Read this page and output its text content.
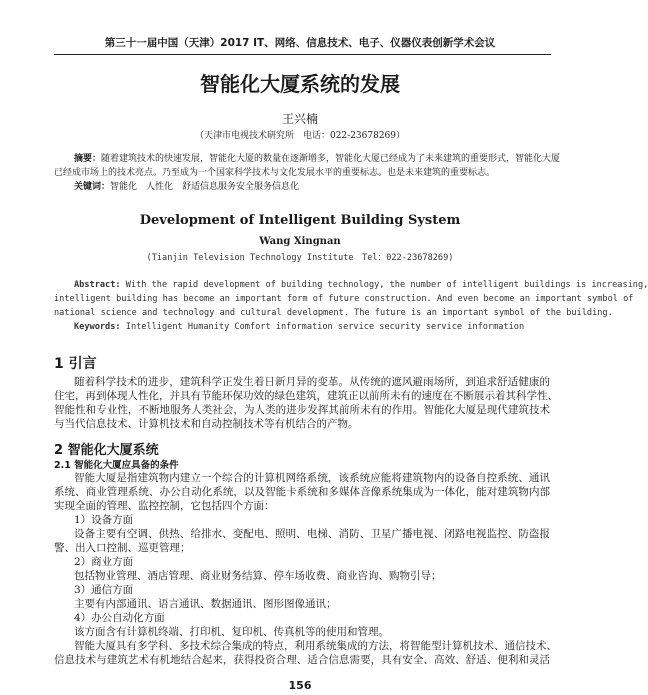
第三十一届中国（天津）2017 IT、网络、信息技术、电子、仪器仪表创新学术会议
智能化大厦系统的发展
王兴楠
（天津市电视技术研究所　电话：022-23678269）
摘要：随着建筑技术的快速发展，智能化大厦的数量在逐渐增多，智能化大厦已经成为了未来建筑的重要形式，智能化大厦
已经成市场上的技术亮点。乃至成为一个国家科学技术与文化发展水平的重要标志。也是未来建筑的重要标志。
关键词：智能化　人性化　舒适信息服务安全服务信息化
Development of Intelligent Building System
Wang Xingnan
(Tianjin Television Technology Institute　Tel：022-23678269)
Abstract: With the rapid development of building technology, the number of intelligent buildings is increasing,
intelligent building has become an important form of future construction. And even become an important symbol of
national science and technology and cultural development. The future is an important symbol of the building.
Keywords: Intelligent Humanity Comfort information service security service information
1 引言
随着科学技术的进步，建筑科学正发生着日新月异的变革。从传统的遮风避雨场所，到追求舒适健康的
住宅，再到体现人性化，并具有节能环保功效的绿色建筑，建筑正以前所未有的速度在不断展示着其科学性、
智能性和专业性，不断地服务人类社会，为人类的进步发挥其前所未有的作用。智能化大厦是现代建筑技术
与当代信息技术、计算机技术和自动控制技术等有机结合的产物。
2 智能化大厦系统
2.1 智能化大厦应具备的条件
智能大厦是指建筑物内建立一个综合的计算机网络系统，该系统应能将建筑物内的设备自控系统、通讯
系统、商业管理系统、办公自动化系统，以及智能卡系统和多媒体音像系统集成为一体化，能对建筑物内部
实现全面的管理、监控控制，它包括四个方面：
1）设备方面
设备主要有空调、供热、给排水、变配电、照明、电梯、消防、卫星广播电视、闭路电视监控、防盗报
警、出入口控制、巡更管理；
2）商业方面
包括物业管理、酒店管理、商业财务结算、停车场收费、商业咨询、购物引导；
3）通信方面
主要有内部通讯、语言通讯、数据通讯、图形图像通讯；
4）办公自动化方面
该方面含有计算机终端、打印机、复印机、传真机等的使用和管理。
智能大厦具有多学科、多技术综合集成的特点，利用系统集成的方法，将智能型计算机技术、通信技术、
信息技术与建筑艺术有机地结合起来，获得投资合理、适合信息需要，具有安全、高效、舒适、便利和灵活
156
